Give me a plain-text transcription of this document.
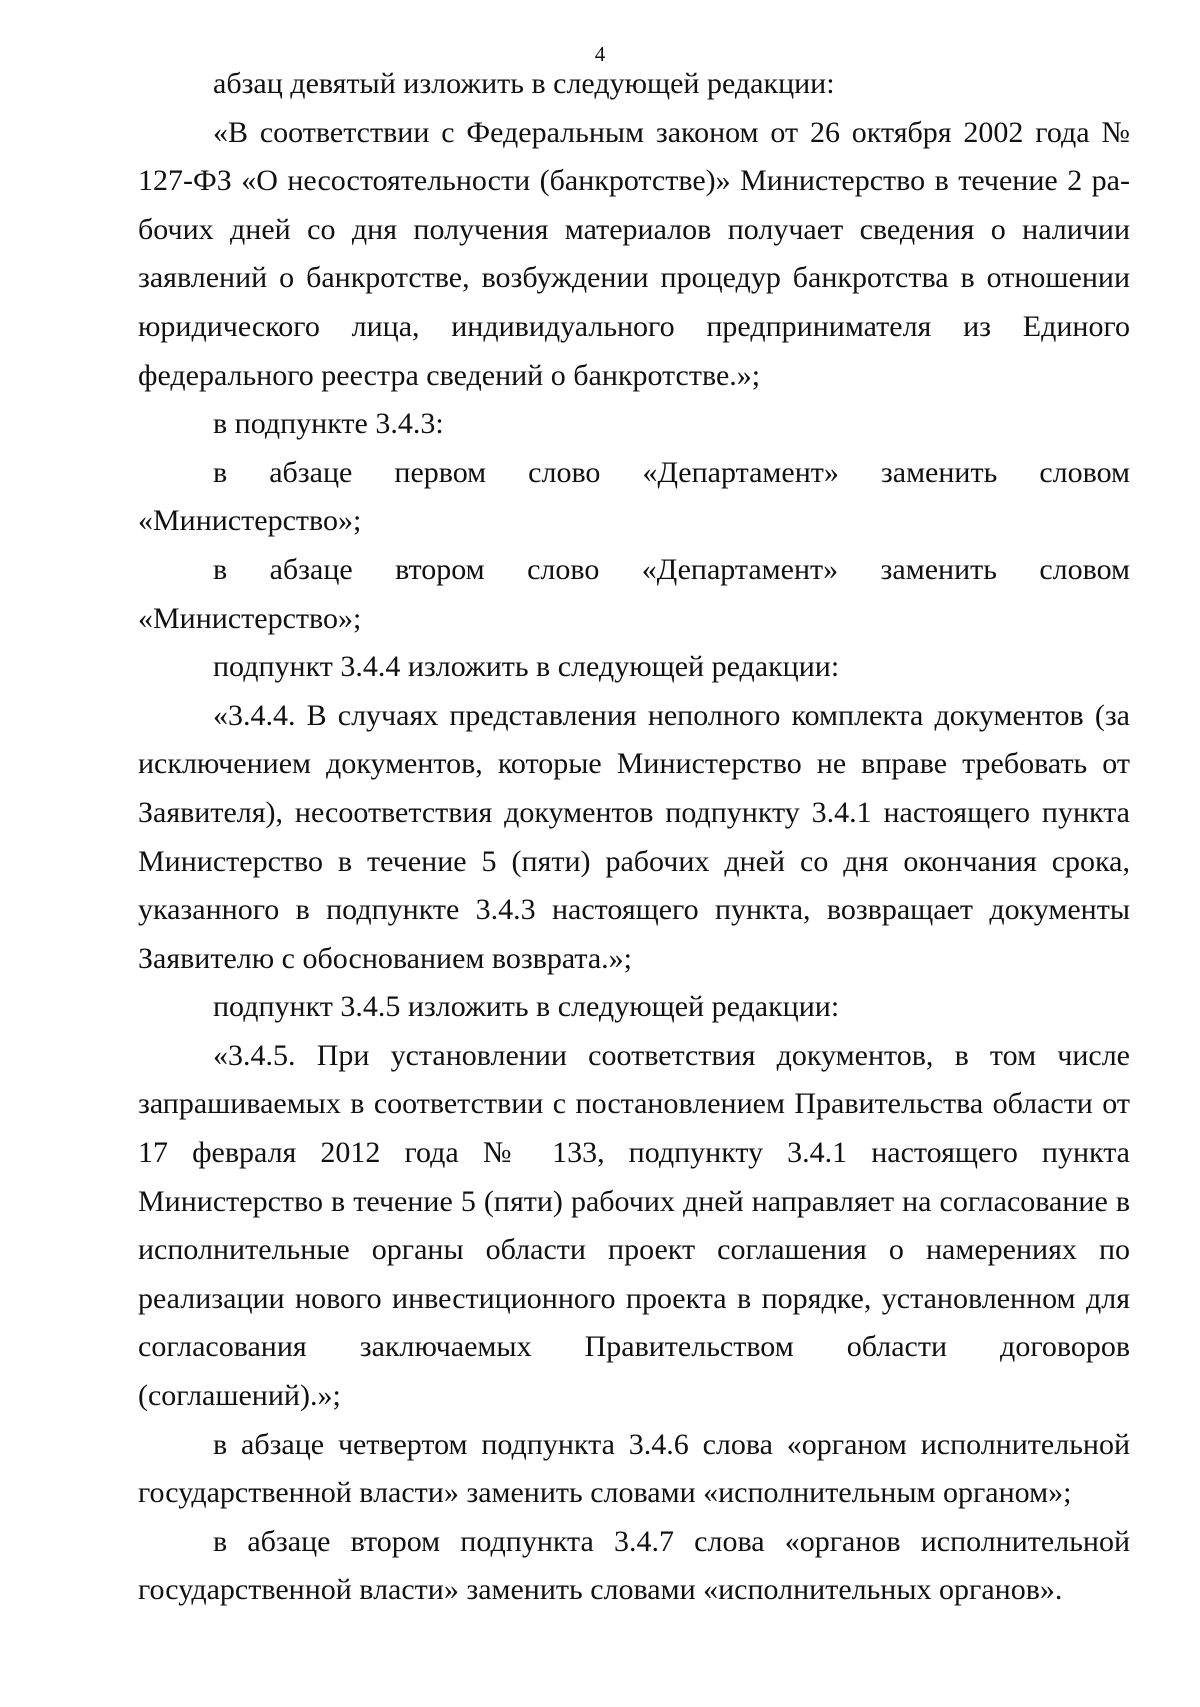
4

абзац девятый изложить в следующей редакции:

«В соответствии с Федеральным законом от 26 октября 2002 года № 127-ФЗ «О несостоятельности (банкротстве)» Министерство в течение 2 рабочих дней со дня получения материалов получает сведения о наличии заявлений о банкротстве, возбуждении процедур банкротства в отношении юридического лица, индивидуального предпринимателя из Единого федерального реестра сведений о банкротстве.»;

в подпункте 3.4.3:

в абзаце первом слово «Департамент» заменить словом «Министерство»;

в абзаце втором слово «Департамент» заменить словом «Министерство»;

подпункт 3.4.4 изложить в следующей редакции:

«3.4.4. В случаях представления неполного комплекта документов (за исключением документов, которые Министерство не вправе требовать от Заявителя), несоответствия документов подпункту 3.4.1 настоящего пункта Министерство в течение 5 (пяти) рабочих дней со дня окончания срока, указанного в подпункте 3.4.3 настоящего пункта, возвращает документы Заявителю с обоснованием возврата.»;

подпункт 3.4.5 изложить в следующей редакции:

«3.4.5. При установлении соответствия документов, в том числе запрашиваемых в соответствии с постановлением Правительства области от 17 февраля 2012 года № 133, подпункту 3.4.1 настоящего пункта Министерство в течение 5 (пяти) рабочих дней направляет на согласование в исполнительные органы области проект соглашения о намерениях по реализации нового инвестиционного проекта в порядке, установленном для согласования заключаемых Правительством области договоров (соглашений).»;

в абзаце четвертом подпункта 3.4.6 слова «органом исполнительной государственной власти» заменить словами «исполнительным органом»;

в абзаце втором подпункта 3.4.7 слова «органов исполнительной государственной власти» заменить словами «исполнительных органов».
